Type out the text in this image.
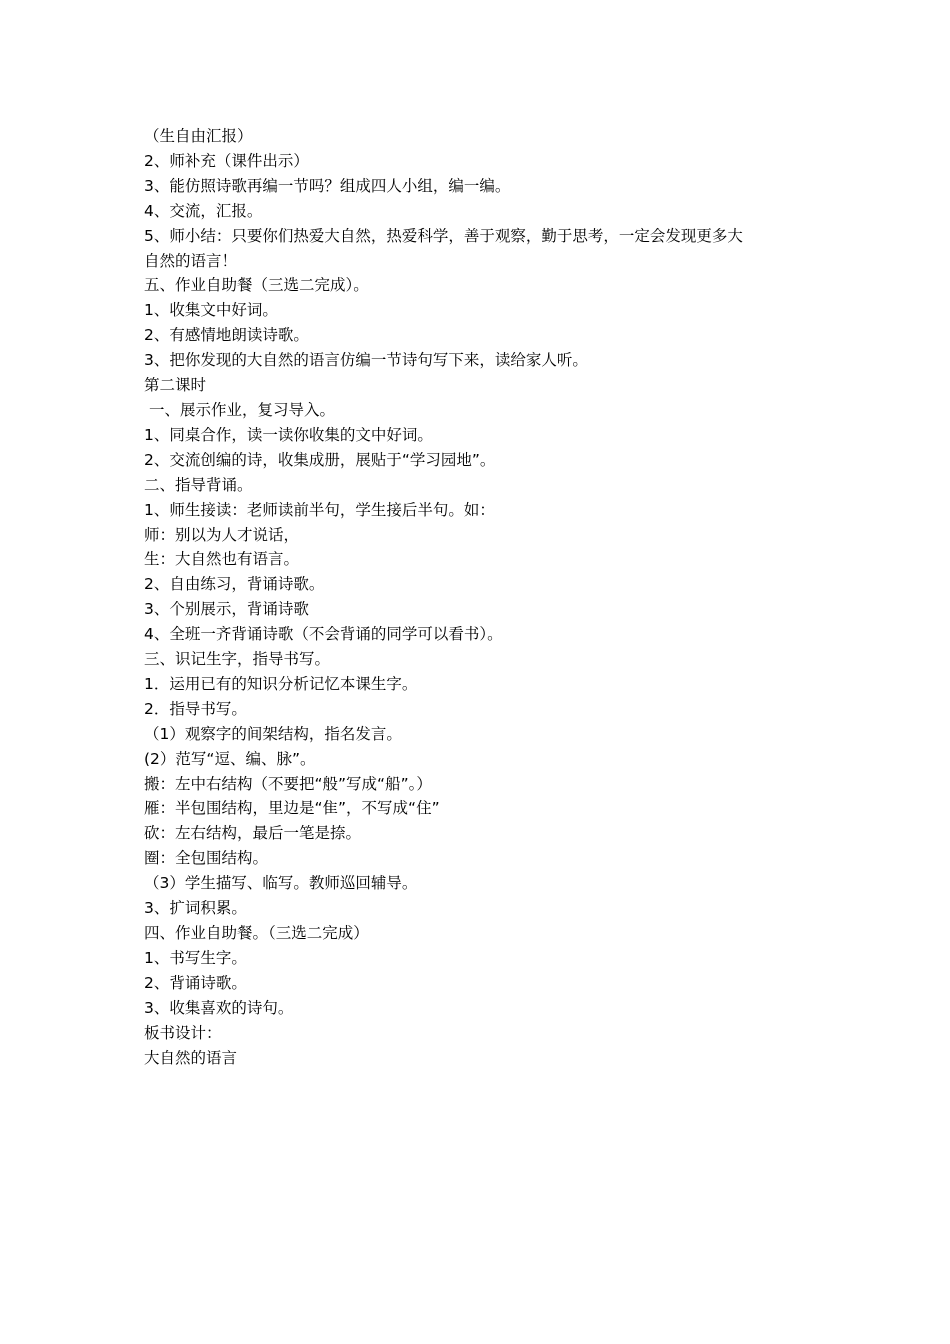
（生自由汇报）

2、师补充（课件出示）

3、能仿照诗歌再编一节吗？组成四人小组，编一编。

4、交流，汇报。

5、师小结：只要你们热爱大自然，热爱科学，善于观察，勤于思考，一定会发现更多大

自然的语言！

五、作业自助餐（三选二完成）。

1、收集文中好词。

2、有感情地朗读诗歌。

3、把你发现的大自然的语言仿编一节诗句写下来，读给家人听。

第二课时

一、展示作业，复习导入。

1、同桌合作，读一读你收集的文中好词。

2、交流创编的诗，收集成册，展贴于“学习园地”。

二、指导背诵。

1、师生接读：老师读前半句，学生接后半句。如：

师：别以为人才说话，

生：大自然也有语言。

2、自由练习，背诵诗歌。

3、个别展示，背诵诗歌

4、全班一齐背诵诗歌（不会背诵的同学可以看书）。

三、识记生字，指导书写。

1．运用已有的知识分析记忆本课生字。

2．指导书写。

（1）观察字的间架结构，指名发言。

(2）范写“逗、编、脉”。

搬：左中右结构（不要把“般”写成“船”。）

雁：半包围结构，里边是“隹”，不写成“住”

砍：左右结构，最后一笔是捺。

圈：全包围结构。

（3）学生描写、临写。教师巡回辅导。

3、扩词积累。

四、作业自助餐。（三选二完成）

1、书写生字。

2、背诵诗歌。

3、收集喜欢的诗句。

板书设计：

大自然的语言
